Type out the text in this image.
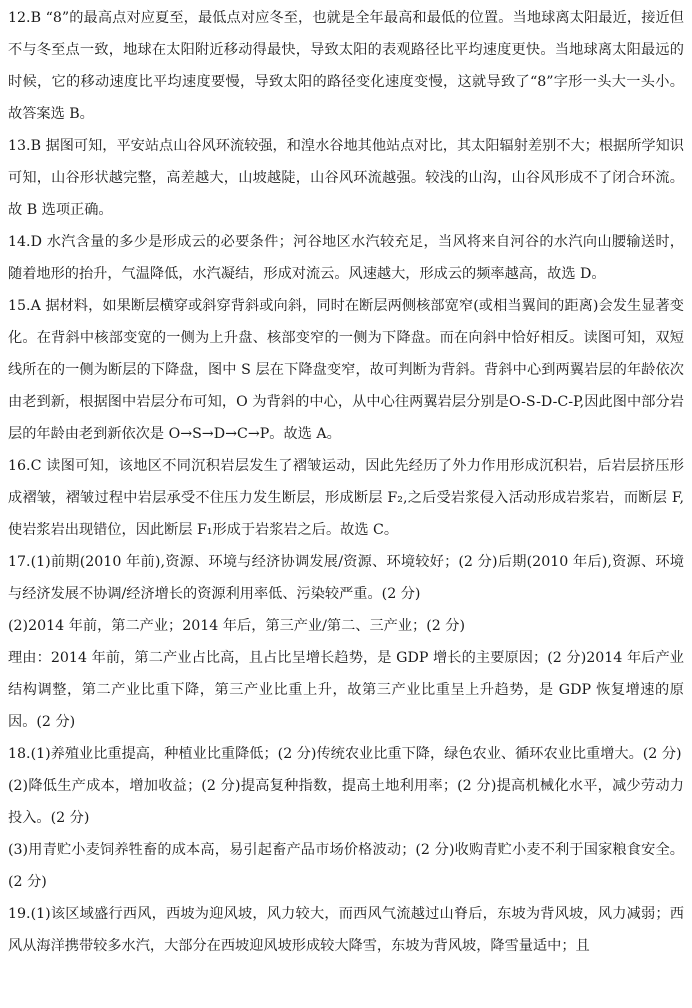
12.B “8”的最高点对应夏至，最低点对应冬至，也就是全年最高和最低的位置。当地球离太阳最近，接近但不与冬至点一致，地球在太阳附近移动得最快，导致太阳的表观路径比平均速度更快。当地球离太阳最远的时候，它的移动速度比平均速度要慢，导致太阳的路径变化速度变慢，这就导致了“8”字形一头大一头小。故答案选 B。

13.B 据图可知，平安站点山谷风环流较强，和湟水谷地其他站点对比，其太阳辐射差别不大；根据所学知识可知，山谷形状越完整，高差越大，山坡越陡，山谷风环流越强。较浅的山沟，山谷风形成不了闭合环流。故 B 选项正确。

14.D 水汽含量的多少是形成云的必要条件；河谷地区水汽较充足，当风将来自河谷的水汽向山腰输送时，随着地形的抬升，气温降低，水汽凝结，形成对流云。风速越大，形成云的频率越高，故选 D。

15.A 据材料，如果断层横穿或斜穿背斜或向斜，同时在断层两侧核部宽窄(或相当翼间的距离)会发生显著变化。在背斜中核部变宽的一侧为上升盘、核部变窄的一侧为下降盘。而在向斜中恰好相反。读图可知，双短线所在的一侧为断层的下降盘，图中 S 层在下降盘变窄，故可判断为背斜。背斜中心到两翼岩层的年龄依次由老到新，根据图中岩层分布可知，O 为背斜的中心，从中心往两翼岩层分别是O-S-D-C-P,因此图中部分岩层的年龄由老到新依次是 O→S→D→C→P。故选 A。

16.C 读图可知，该地区不同沉积岩层发生了褶皱运动，因此先经历了外力作用形成沉积岩，后岩层挤压形成褶皱，褶皱过程中岩层承受不住压力发生断层，形成断层 F₂,之后受岩浆侵入活动形成岩浆岩，而断层 F,使岩浆岩出现错位，因此断层 F₁形成于岩浆岩之后。故选 C。

17.(1)前期(2010 年前),资源、环境与经济协调发展/资源、环境较好；(2 分)后期(2010 年后),资源、环境与经济发展不协调/经济增长的资源利用率低、污染较严重。(2 分)

(2)2014 年前，第二产业；2014 年后，第三产业/第二、三产业；(2 分)

理由：2014 年前，第二产业占比高，且占比呈增长趋势，是 GDP 增长的主要原因；(2 分)2014 年后产业结构调整，第二产业比重下降，第三产业比重上升，故第三产业比重呈上升趋势，是 GDP 恢复增速的原因。(2 分)

18.(1)养殖业比重提高，种植业比重降低；(2 分)传统农业比重下降，绿色农业、循环农业比重增大。(2 分)

(2)降低生产成本，增加收益；(2 分)提高复种指数，提高土地利用率；(2 分)提高机械化水平，减少劳动力投入。(2 分)

(3)用青贮小麦饲养牲畜的成本高，易引起畜产品市场价格波动；(2 分)收购青贮小麦不利于国家粮食安全。(2 分)

19.(1)该区域盛行西风，西坡为迎风坡，风力较大，而西风气流越过山脊后，东坡为背风坡，风力减弱；西风从海洋携带较多水汽，大部分在西坡迎风坡形成较大降雪，东坡为背风坡，降雪量适中；且
